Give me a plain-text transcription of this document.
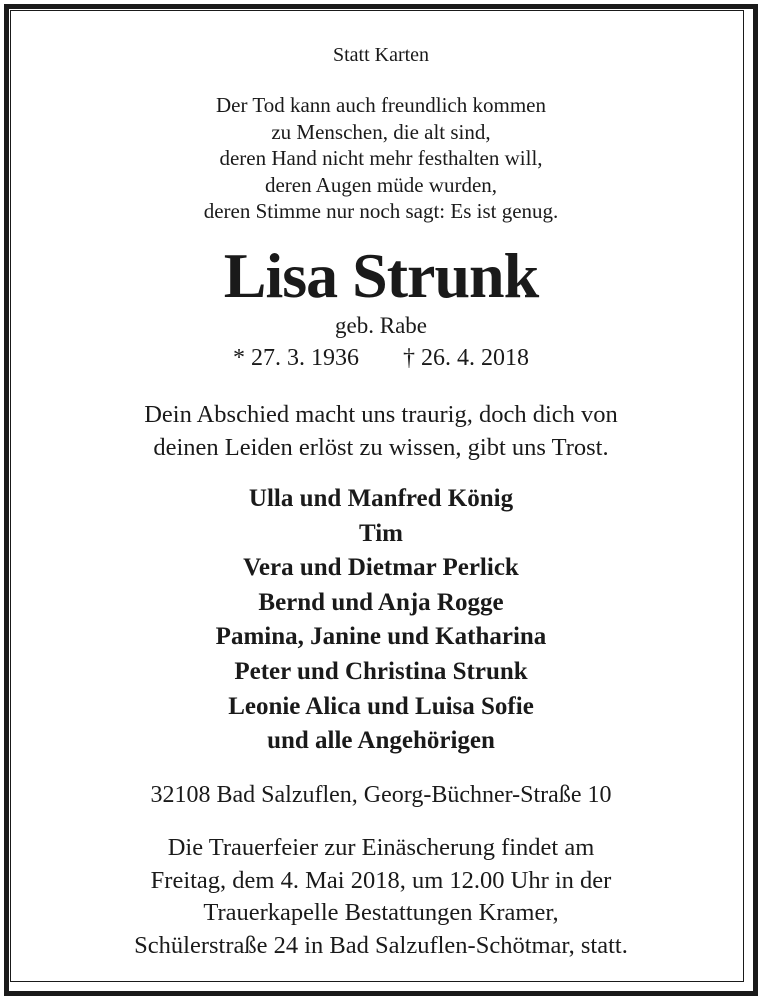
Statt Karten
Der Tod kann auch freundlich kommen
zu Menschen, die alt sind,
deren Hand nicht mehr festhalten will,
deren Augen müde wurden,
deren Stimme nur noch sagt: Es ist genug.
Lisa Strunk
geb. Rabe
* 27. 3. 1936 † 26. 4. 2018
Dein Abschied macht uns traurig, doch dich von
deinen Leiden erlöst zu wissen, gibt uns Trost.
Ulla und Manfred König
Tim
Vera und Dietmar Perlick
Bernd und Anja Rogge
Pamina, Janine und Katharina
Peter und Christina Strunk
Leonie Alica und Luisa Sofie
und alle Angehörigen
32108 Bad Salzuflen, Georg-Büchner-Straße 10
Die Trauerfeier zur Einäscherung findet am
Freitag, dem 4. Mai 2018, um 12.00 Uhr in der
Trauerkapelle Bestattungen Kramer,
Schülerstraße 24 in Bad Salzuflen-Schötmar, statt.
